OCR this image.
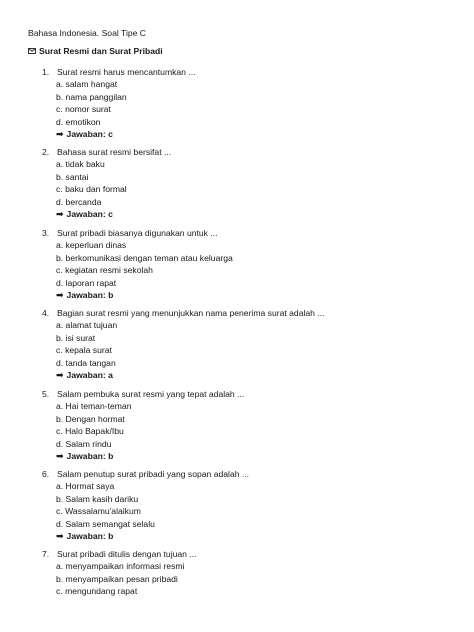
Bahasa Indonesia. Soal Tipe C
Surat Resmi dan Surat Pribadi
1. Surat resmi harus mencantumkan ...
a. salam hangat
b. nama panggilan
c. nomor surat
d. emotikon
➡ Jawaban: c
2. Bahasa surat resmi bersifat ...
a. tidak baku
b. santai
c. baku dan formal
d. bercanda
➡ Jawaban: c
3. Surat pribadi biasanya digunakan untuk ...
a. keperluan dinas
b. berkomunikasi dengan teman atau keluarga
c. kegiatan resmi sekolah
d. laporan rapat
➡ Jawaban: b
4. Bagian surat resmi yang menunjukkan nama penerima surat adalah ...
a. alamat tujuan
b. isi surat
c. kepala surat
d. tanda tangan
➡ Jawaban: a
5. Salam pembuka surat resmi yang tepat adalah ...
a. Hai teman-teman
b. Dengan hormat
c. Halo Bapak/Ibu
d. Salam rindu
➡ Jawaban: b
6. Salam penutup surat pribadi yang sopan adalah ...
a. Hormat saya
b. Salam kasih dariku
c. Wassalamu'alaikum
d. Salam semangat selalu
➡ Jawaban: b
7. Surat pribadi ditulis dengan tujuan ...
a. menyampaikan informasi resmi
b. menyampaikan pesan pribadi
c. mengundang rapat
